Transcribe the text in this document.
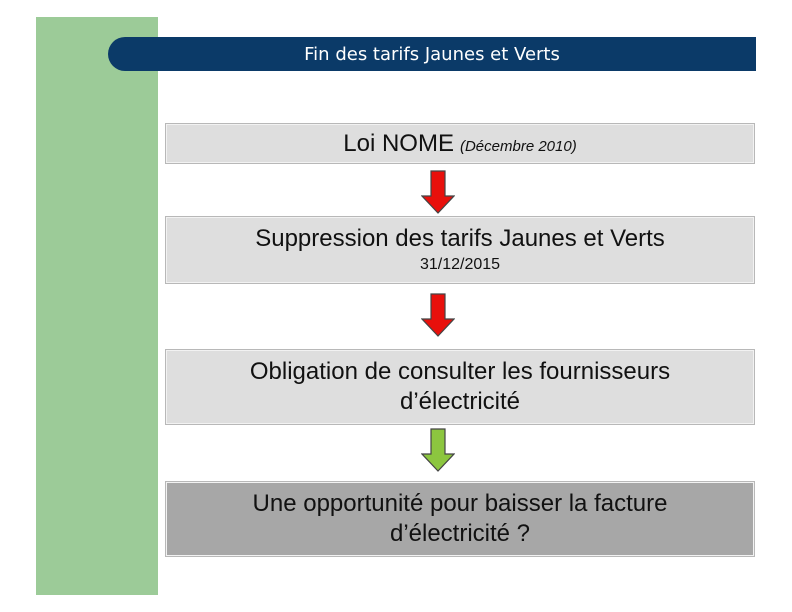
Fin des tarifs Jaunes et Verts
Loi NOME (Décembre 2010)
Suppression des tarifs Jaunes et Verts
31/12/2015
Obligation de consulter les fournisseurs
d’électricité
Une opportunité pour baisser la facture
d’électricité ?
